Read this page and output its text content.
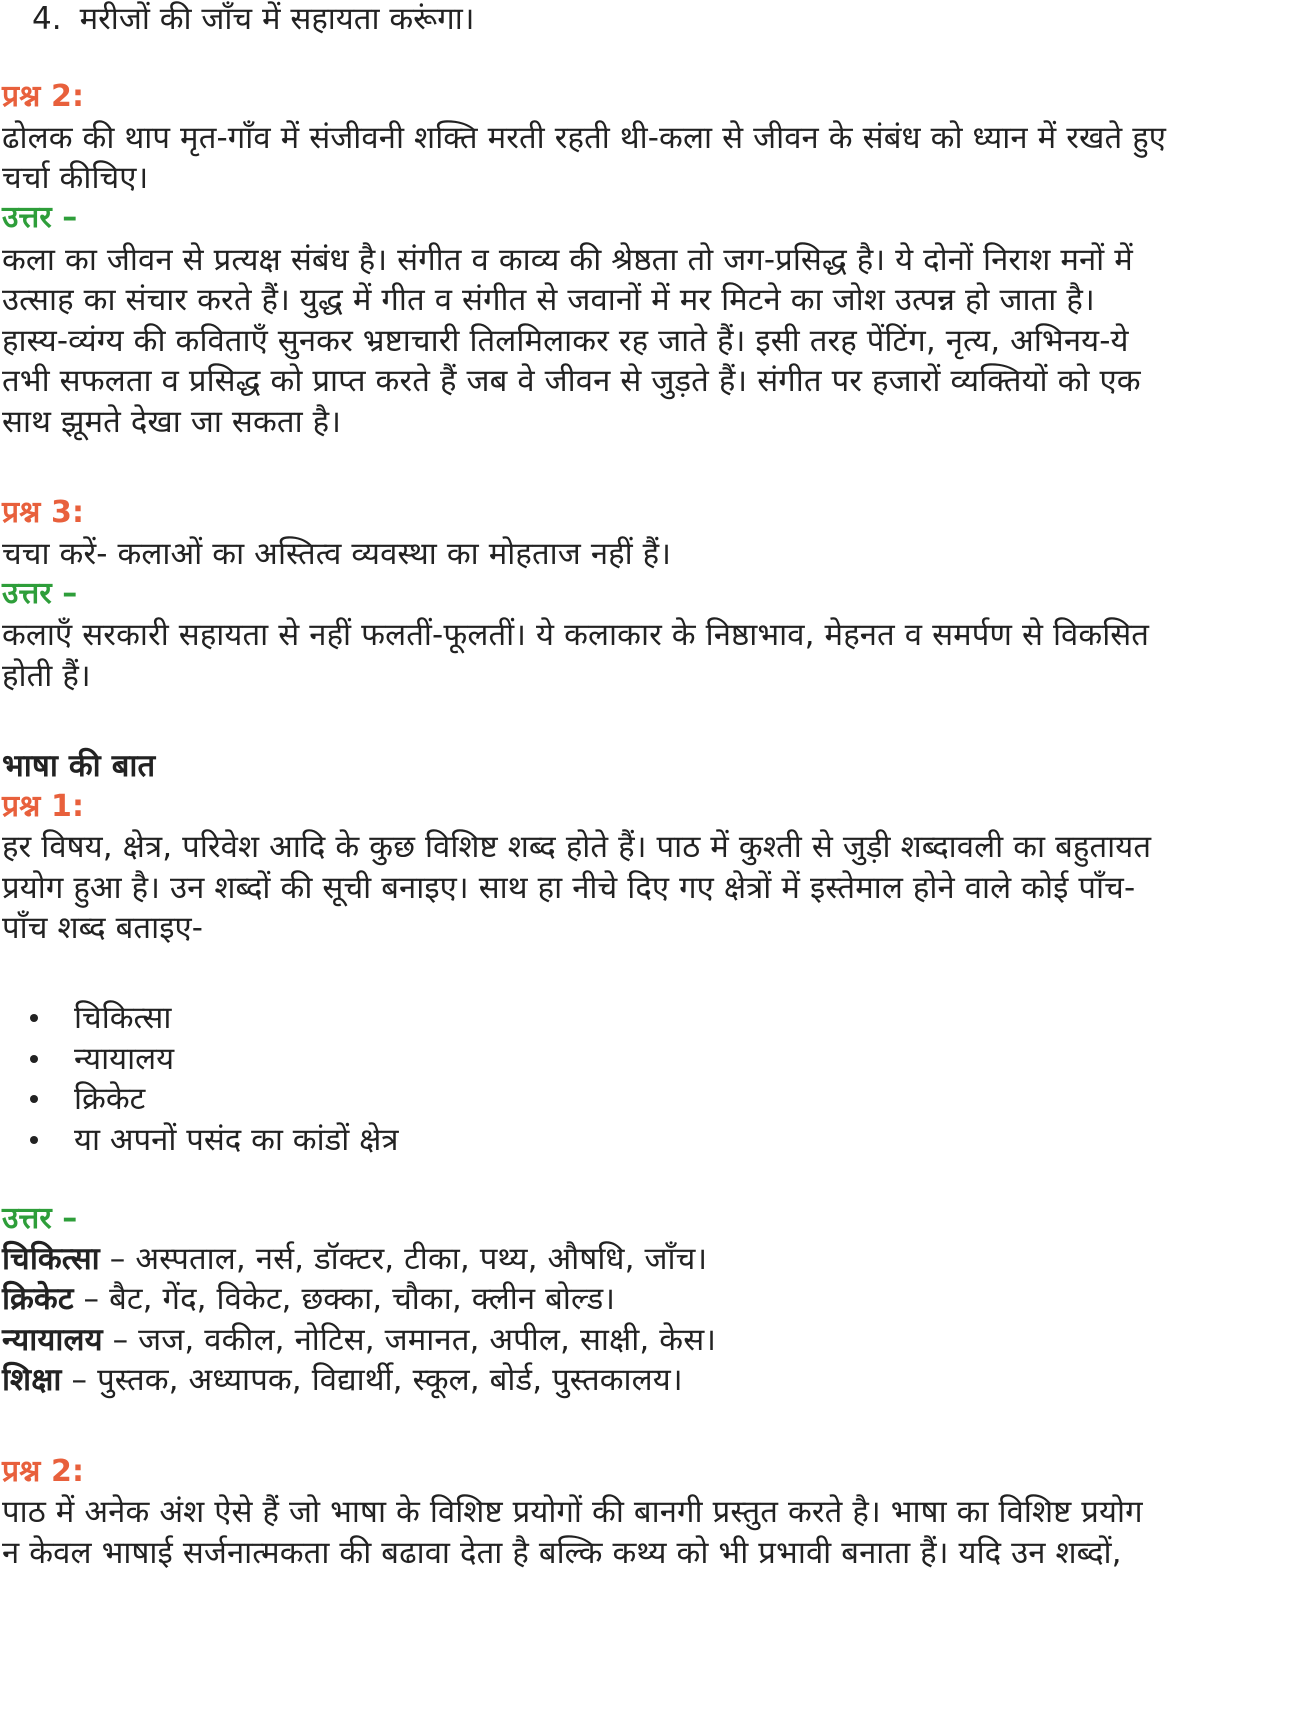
4. मरीजों की जाँच में सहायता करूंगा।
प्रश्न 2:
ढोलक की थाप मृत-गाँव में संजीवनी शक्ति मरती रहती थी-कला से जीवन के संबंध को ध्यान में रखते हुए
चर्चा कीचिए।
उत्तर –
कला का जीवन से प्रत्यक्ष संबंध है। संगीत व काव्य की श्रेष्ठता तो जग-प्रसिद्ध है। ये दोनों निराश मनों में
उत्साह का संचार करते हैं। युद्ध में गीत व संगीत से जवानों में मर मिटने का जोश उत्पन्न हो जाता है।
हास्य-व्यंग्य की कविताएँ सुनकर भ्रष्टाचारी तिलमिलाकर रह जाते हैं। इसी तरह पेंटिंग, नृत्य, अभिनय-ये
तभी सफलता व प्रसिद्ध को प्राप्त करते हैं जब वे जीवन से जुड़ते हैं। संगीत पर हजारों व्यक्तियों को एक
साथ झूमते देखा जा सकता है।
प्रश्न 3:
चचा करें- कलाओं का अस्तित्व व्यवस्था का मोहताज नहीं हैं।
उत्तर –
कलाएँ सरकारी सहायता से नहीं फलतीं-फूलतीं। ये कलाकार के निष्ठाभाव, मेहनत व समर्पण से विकसित
होती हैं।
भाषा की बात
प्रश्न 1:
हर विषय, क्षेत्र, परिवेश आदि के कुछ विशिष्ट शब्द होते हैं। पाठ में कुश्ती से जुड़ी शब्दावली का बहुतायत
प्रयोग हुआ है। उन शब्दों की सूची बनाइए। साथ हा नीचे दिए गए क्षेत्रों में इस्तेमाल होने वाले कोई पाँच-
पाँच शब्द बताइए-
चिकित्सा
न्यायालय
क्रिकेट
या अपनों पसंद का कांडों क्षेत्र
उत्तर –
चिकित्सा – अस्पताल, नर्स, डॉक्टर, टीका, पथ्य, औषधि, जाँच।
क्रिकेट – बैट, गेंद, विकेट, छक्का, चौका, क्लीन बोल्ड।
न्यायालय – जज, वकील, नोटिस, जमानत, अपील, साक्षी, केस।
शिक्षा – पुस्तक, अध्यापक, विद्यार्थी, स्कूल, बोर्ड, पुस्तकालय।
प्रश्न 2:
पाठ में अनेक अंश ऐसे हैं जो भाषा के विशिष्ट प्रयोगों की बानगी प्रस्तुत करते है। भाषा का विशिष्ट प्रयोग
न केवल भाषाई सर्जनात्मकता की बढावा देता है बल्कि कथ्य को भी प्रभावी बनाता हैं। यदि उन शब्दों,
